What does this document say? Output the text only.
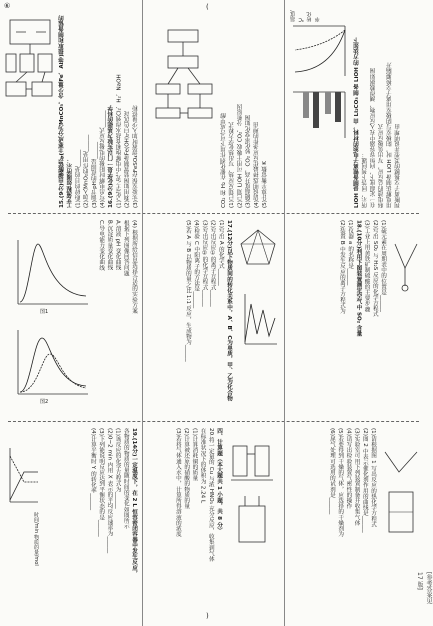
⑥	(
)
15.(9分)由碳酸锰矿(主要成分为MnCO₃，含少量Fe、Al等)提取和制备锰的工艺流程如图所示： (1)粉碎的目的是______ (2)加入MnO₂的作用是______ (3)调节pH的范围是______ (4)写出电解时阳极的电极反应式______ 16.(9分)化学是一门以实验为基础的科学 (1)“化学之光”中电解饱和食盐水得到Cl₂、H₂、NaOH (2)利用如图装置制备Fe(OH)₂白色沉淀 (3)实验室保存FeSO₄溶液时加入少量铁粉	CO₂ 和 H₂ 在催化剂作用下可合成甲醇 (1)已知反应热，写出热化学方程式 (2)已知 LiOH 可用于吸收 CO₂，分析原因 (3)随温度升高，CO₂ 转化率变化如图 (4)请说明选择最佳反应条件的理由 (5)计算平衡常数 K	LiOH 是制备锂离子电池的材料，由 Li₂CO₃ 制备 LiOH 的方法如下 所示，回答下列问题： 在一定温度下，向恒容容器中充入反应物，测得数据如图 料电池的总反应，写出负极反应式 用电解法制备 LiOH 时，阳极室与阴极室用离子交换膜隔开 判断离子交换膜的类型并说明理由
温度/℃ 转化率
(4) 根据所给信息选择合适的实验方案
根据下列图像回答问题
A.溶液 pH 变化曲线
B.沉淀质量变化曲线
C.导电能力变化曲线
图1
图2
17.(12分)以下物质间的转化关系中，A、B、C为单质，甲、乙为化合物
(1)写出 A 的化学式______
(2)写出反应①的离子方程式______
(3)写出反应②的化学方程式______
(4)检验 C 中阳离子的方法是______
(5)若 A 与 B 以物质的量之比 1:1 反应，生成物为______	(1)硫元素在周期表中的位置是______
(2)写出 SO₂ 与 H₂S 反应的化学方程式
(3)工业上用黄铁矿制硫酸的主要步骤
18.(10分)利用下图装置测定空气中 SO₂ 含量
(1)仪器 a 的名称是______
(2)装置 B 中发生反应的离子方程式为
19.(14分)一定温度下，在 2 L 恒容密闭容器中发生反应，
各物质的物质的量随时间的变化如图所示
(1)该反应的化学方程式为______
(2)0~2 min 内用 X 表示的平均反应速率为______
(3)下列能说明反应达到平衡状态的是______
(4)计算平衡时 Y 的转化率______
时间/min 物质的量/mol
四、计算题（本大题共 1 小题，共 8 分）
20.将一定量的 Cu 与浓 HNO₃ 充分反应，收集到气体
在标准状况下的体积为 2.24 L
(1)计算消耗铜的质量
(2)计算被还原的硝酸的物质的量
(3)若将气体通入水中，计算所得溶液的浓度	(1)请根据图 1 写出反应的热化学方程式
(2)图 2 中表示催化剂作用的曲线是______
(3)实验室可用下列装置制备并收集气体
(4)请写出检验装置气密性的操作
(5)若要得到干燥的气体，应选择的干燥剂为
(6)尾气处理可选用的试剂是______
[参考答案见 17 版]
